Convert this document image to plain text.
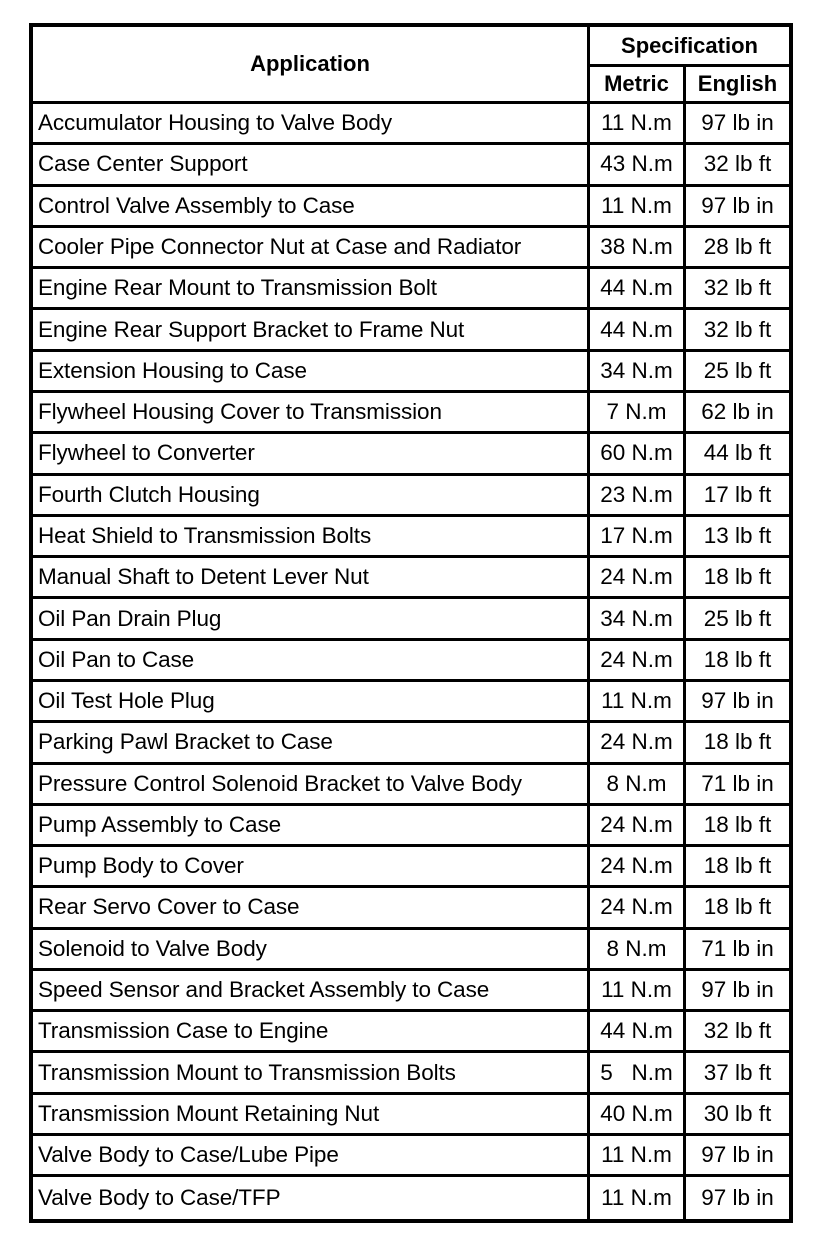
Application	Specification	
	Metric	English
Accumulator Housing to Valve Body	11 N.m	97 lb in
Case Center Support	43 N.m	32 lb ft
Control Valve Assembly to Case	11 N.m	97 lb in
Cooler Pipe Connector Nut at Case and Radiator	38 N.m	28 lb ft
Engine Rear Mount to Transmission Bolt	44 N.m	32 lb ft
Engine Rear Support Bracket to Frame Nut	44 N.m	32 lb ft
Extension Housing to Case	34 N.m	25 lb ft
Flywheel Housing Cover to Transmission	7 N.m	62 lb in
Flywheel to Converter	60 N.m	44 lb ft
Fourth Clutch Housing	23 N.m	17 lb ft
Heat Shield to Transmission Bolts	17 N.m	13 lb ft
Manual Shaft to Detent Lever Nut	24 N.m	18 lb ft
Oil Pan Drain Plug	34 N.m	25 lb ft
Oil Pan to Case	24 N.m	18 lb ft
Oil Test Hole Plug	11 N.m	97 lb in
Parking Pawl Bracket to Case	24 N.m	18 lb ft
Pressure Control Solenoid Bracket to Valve Body	8 N.m	71 lb in
Pump Assembly to Case	24 N.m	18 lb ft
Pump Body to Cover	24 N.m	18 lb ft
Rear Servo Cover to Case	24 N.m	18 lb ft
Solenoid to Valve Body	8 N.m	71 lb in
Speed Sensor and Bracket Assembly to Case	11 N.m	97 lb in
Transmission Case to Engine	44 N.m	32 lb ft
Transmission Mount to Transmission Bolts	5   N.m	37 lb ft
Transmission Mount Retaining Nut	40 N.m	30 lb ft
Valve Body to Case/Lube Pipe	11 N.m	97 lb in
Valve Body to Case/TFP	11 N.m	97 lb in
